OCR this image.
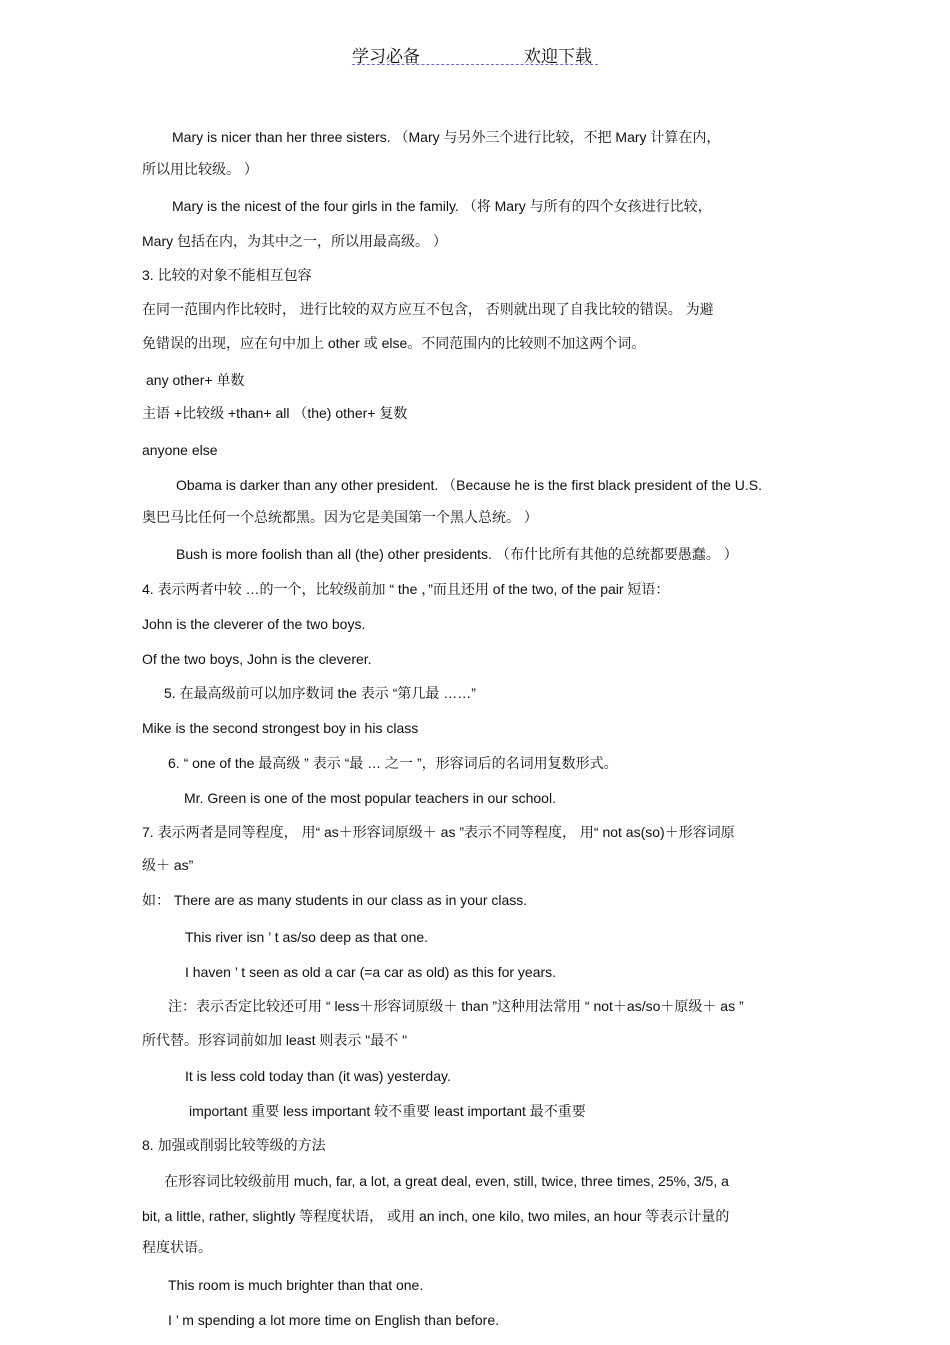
学习必备	欢迎下载
Mary is nicer than her three sisters. （Mary 与另外三个进行比较，不把 Mary 计算在内，
所以用比较级。 ）
Mary is the nicest of the four girls in the family. （将 Mary 与所有的四个女孩进行比较，
Mary 包括在内，为其中之一，所以用最高级。 ）
3. 比较的对象不能相互包容
在同一范围内作比较时， 进行比较的双方应互不包含， 否则就出现了自我比较的错误。 为避
免错误的出现，应在句中加上 other 或 else。不同范围内的比较则不加这两个词。
any other+ 单数
主语 +比较级 +than+ all （the) other+ 复数
anyone else
Obama is darker than any other president. （Because he is the first black president of the U.S.
奥巴马比任何一个总统都黑。因为它是美国第一个黑人总统。 ）
Bush is more foolish than all (the) other presidents. （布什比所有其他的总统都要愚蠢。 ）
4. 表示两者中较 …的一个，比较级前加 “ the ，”而且还用 of the two, of the pair 短语：
John is the cleverer of the two boys.
Of the two boys, John is the cleverer.
5. 在最高级前可以加序数词 the 表示 “第几最 ……”
Mike is the second strongest boy in his class
6. “ one of the 最高级 ” 表示 “最 … 之一 ”，形容词后的名词用复数形式。
Mr. Green is one of the most popular teachers in our school.
7. 表示两者是同等程度， 用“ as＋形容词原级＋ as ”表示不同等程度， 用“ not as(so)＋形容词原
级＋ as”
如： There are as many students in our class as in your class.
This river isn ’ t as/so deep as that one.
I haven ’ t seen as old a car (=a car as old) as this for years.
注：表示否定比较还可用 “ less＋形容词原级＋ than ”这种用法常用 “ not＋as/so＋原级＋ as ”
所代替。形容词前如加 least 则表示 "最不 "
It is less cold today than (it was) yesterday.
important 重要 less important 较不重要 least important 最不重要
8. 加强或削弱比较等级的方法
在形容词比较级前用 much, far, a lot, a great deal, even, still, twice, three times, 25%, 3/5, a
bit, a little, rather, slightly 等程度状语， 或用 an inch, one kilo, two miles, an hour 等表示计量的
程度状语。
This room is much brighter than that one.
I ’ m spending a lot more time on English than before.
